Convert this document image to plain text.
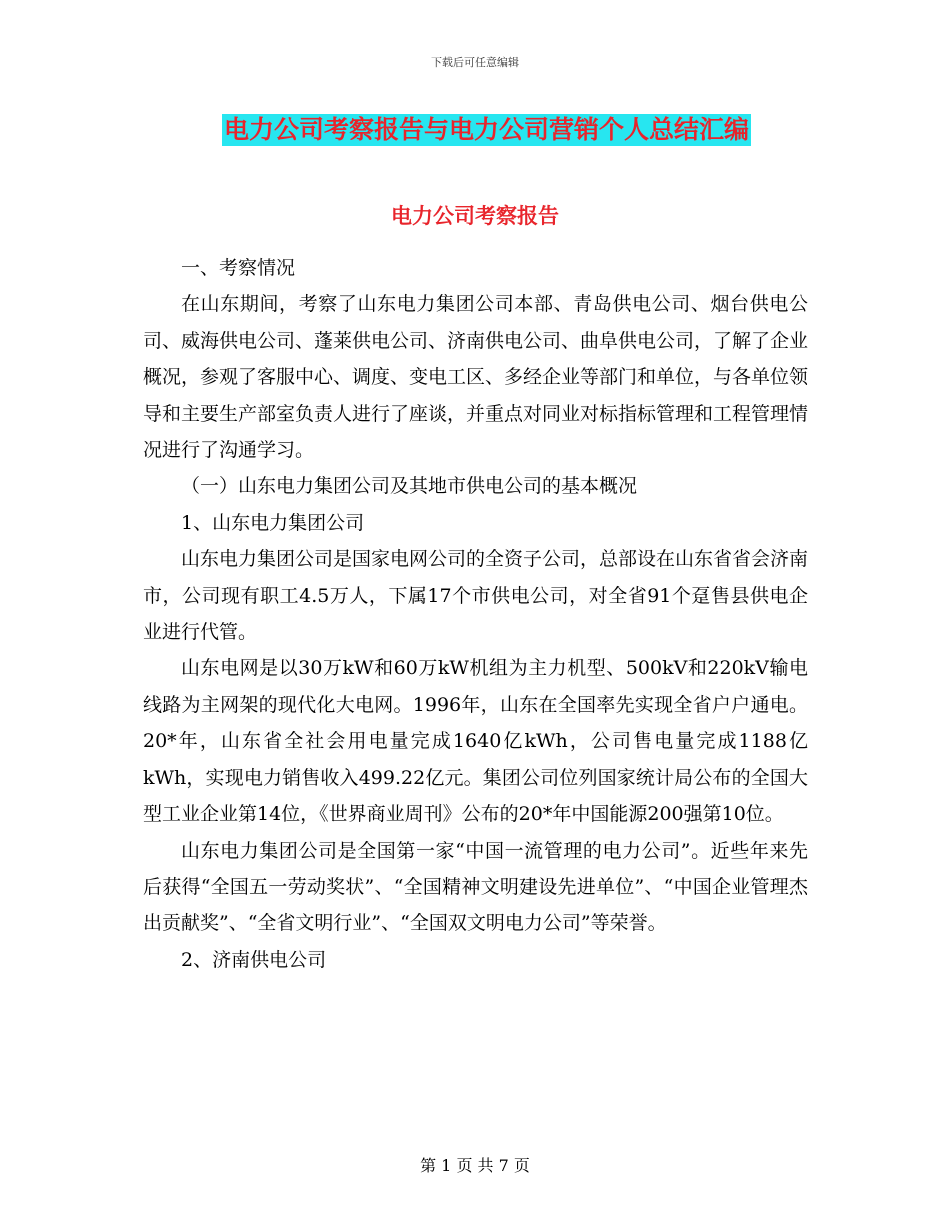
下载后可任意编辑
电力公司考察报告与电力公司营销个人总结汇编
电力公司考察报告

一、考察情况

在山东期间，考察了山东电力集团公司本部、青岛供电公司、烟台供电公司、威海供电公司、蓬莱供电公司、济南供电公司、曲阜供电公司，了解了企业概况，参观了客服中心、调度、变电工区、多经企业等部门和单位，与各单位领导和主要生产部室负责人进行了座谈，并重点对同业对标指标管理和工程管理情况进行了沟通学习。

（一）山东电力集团公司及其地市供电公司的基本概况

1、山东电力集团公司

山东电力集团公司是国家电网公司的全资子公司，总部设在山东省省会济南市，公司现有职工4.5万人，下属17个市供电公司，对全省91个趸售县供电企业进行代管。

山东电网是以30万kW和60万kW机组为主力机型、500kV和220kV输电线路为主网架的现代化大电网。1996年，山东在全国率先实现全省户户通电。20*年，山东省全社会用电量完成1640亿kWh，公司售电量完成1188亿kWh，实现电力销售收入499.22亿元。集团公司位列国家统计局公布的全国大型工业企业第14位，《世界商业周刊》公布的20*年中国能源200强第10位。

山东电力集团公司是全国第一家“中国一流管理的电力公司”。近些年来先后获得“全国五一劳动奖状”、“全国精神文明建设先进单位”、“中国企业管理杰出贡献奖”、“全省文明行业”、“全国双文明电力公司”等荣誉。

2、济南供电公司

第 1 页 共 7 页
